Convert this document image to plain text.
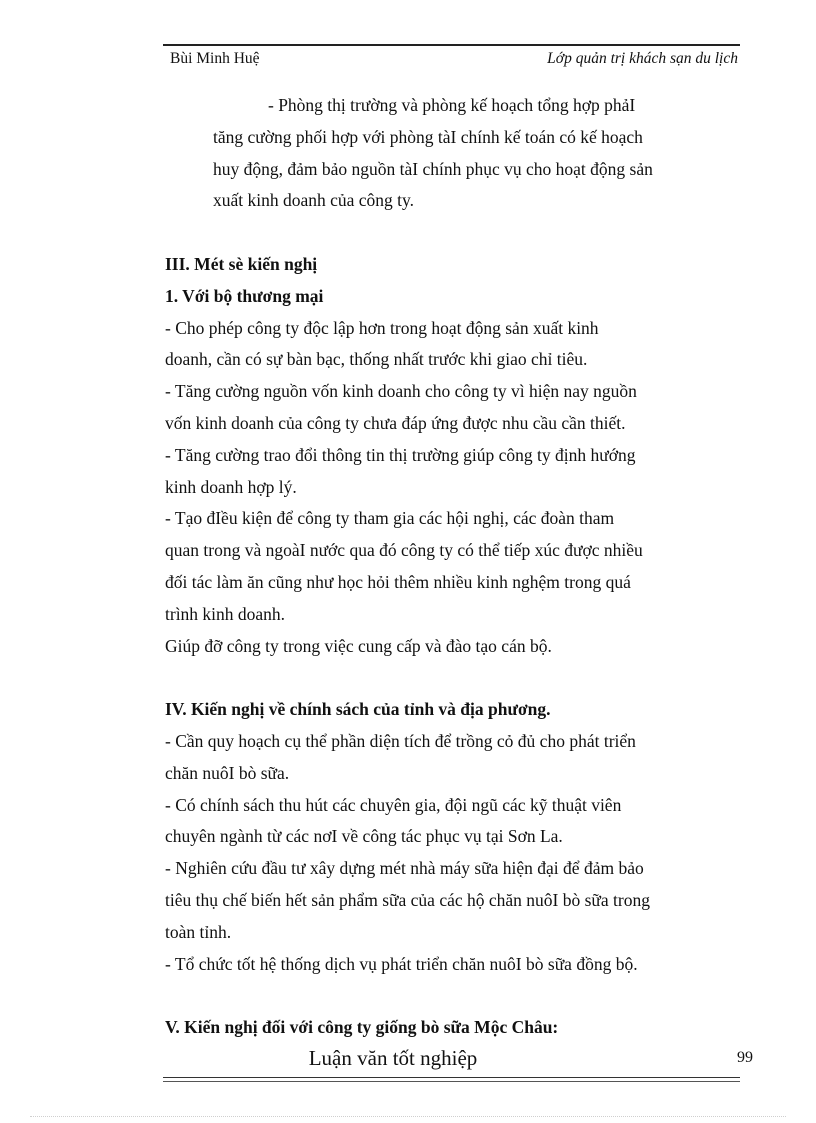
Bùi Minh Huệ	Lớp quản trị khách sạn du lịch

- Phòng thị trường và phòng kế hoạch tổng hợp phảI

tăng cường phối hợp với phòng tàI chính kế toán có kế hoạch

huy động, đảm bảo nguồn tàI chính phục vụ cho hoạt động sản

xuất kinh doanh của công ty.

III. Mét sè kiến nghị

1. Với bộ thương mại

- Cho phép công ty độc lập hơn trong hoạt động sản xuất kinh

doanh, cần có sự bàn bạc, thống nhất trước khi giao chỉ tiêu.

- Tăng cường nguồn vốn kinh doanh cho công ty vì hiện nay nguồn

vốn kinh doanh của công ty chưa đáp ứng được nhu cầu cần thiết.

- Tăng cường trao đổi thông tin thị trường giúp công ty định hướng

kinh doanh hợp lý.

- Tạo đIều kiện để công ty tham gia các hội nghị, các đoàn tham

quan trong và ngoàI nước qua đó công ty có thể tiếp xúc được nhiều

đối tác làm ăn cũng như học hỏi thêm nhiều kinh nghệm trong quá

trình kinh doanh.

Giúp đỡ công ty trong việc cung cấp và đào tạo cán bộ.

IV. Kiến nghị về chính sách của tỉnh và địa phương.

- Cần quy hoạch cụ thể phần diện tích để trồng cỏ đủ cho phát triển

chăn nuôI bò sữa.

- Có chính sách thu hút các chuyên gia, đội ngũ các kỹ thuật viên

chuyên ngành từ các nơI về công tác phục vụ tại Sơn La.

- Nghiên cứu đầu tư xây dựng mét nhà máy sữa hiện đại để đảm bảo

tiêu thụ chế biến hết sản phẩm sữa của các hộ chăn nuôI bò sữa trong

toàn tỉnh.

- Tổ chức tốt hệ thống dịch vụ phát triển chăn nuôI bò sữa đồng bộ.

V. Kiến nghị đối với công ty giống bò sữa Mộc Châu:

Luận văn tốt nghiệp	99
